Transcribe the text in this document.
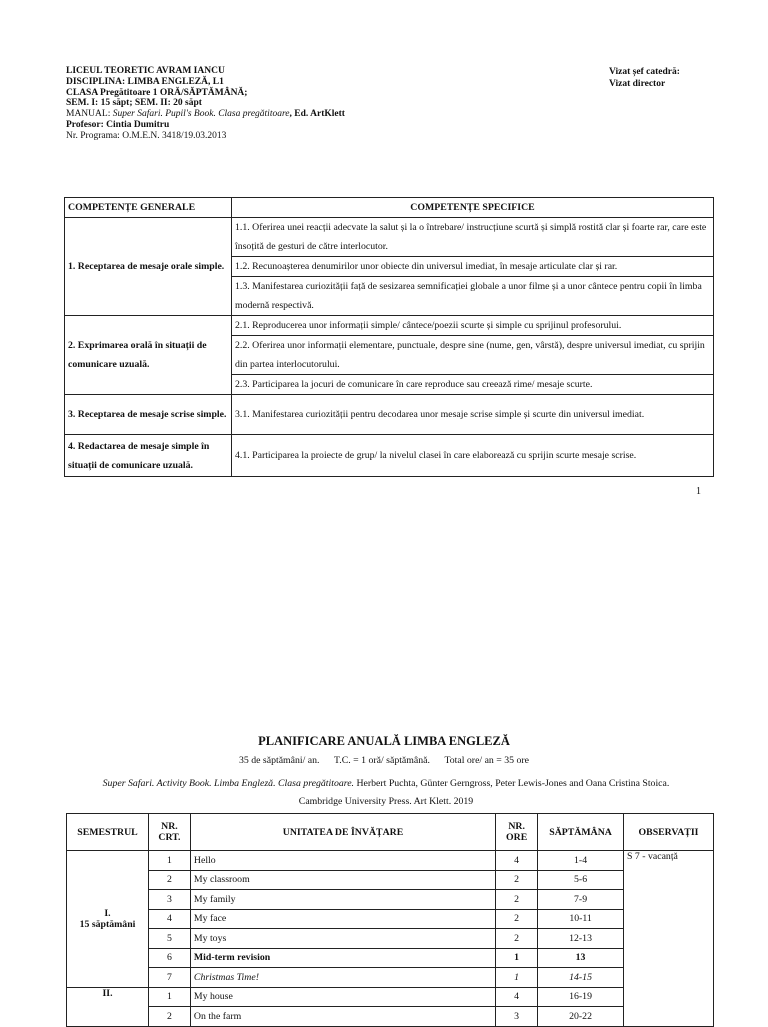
LICEUL TEORETIC AVRAM IANCU
DISCIPLINA: LIMBA ENGLEZĂ, L1
CLASA Pregătitoare 1 ORĂ/SĂPTĂMÂNĂ;
SEM. I: 15 săpt; SEM. II: 20 săpt
MANUAL: Super Safari. Pupil's Book. Clasa pregătitoare, Ed. ArtKlett
Profesor: Cintia Dumitru
Nr. Programa: O.M.E.N. 3418/19.03.2013
Vizat șef catedră:
Vizat director
COMPETENȚE GENERALE	COMPETENȚE SPECIFICE
1. Receptarea de mesaje orale simple.	1.1. Oferirea unei reacții adecvate la salut și la o întrebare/ instrucțiune scurtă și simplă rostită clar și foarte rar, care este însoțită de gesturi de către interlocutor.
	1.2. Recunoașterea denumirilor unor obiecte din universul imediat, în mesaje articulate clar și rar.
	1.3. Manifestarea curiozității față de sesizarea semnificației globale a unor filme și a unor cântece pentru copii în limba modernă respectivă.
2. Exprimarea orală în situații de comunicare uzuală.	2.1. Reproducerea unor informații simple/ cântece/poezii scurte și simple cu sprijinul profesorului.
	2.2. Oferirea unor informații elementare, punctuale, despre sine (nume, gen, vârstă), despre universul imediat, cu sprijin din partea interlocutorului.
	2.3. Participarea la jocuri de comunicare în care reproduce sau creează rime/ mesaje scurte.
3. Receptarea de mesaje scrise simple.	3.1. Manifestarea curiozității pentru decodarea unor mesaje scrise simple și scurte din universul imediat.
4. Redactarea de mesaje simple în situații de comunicare uzuală.	4.1. Participarea la proiecte de grup/ la nivelul clasei în care elaborează cu sprijin scurte mesaje scrise.
1
PLANIFICARE ANUALĂ LIMBA ENGLEZĂ
35 de săptămâni/ an.      T.C. = 1 oră/ săptămână.      Total ore/ an = 35 ore
Super Safari. Activity Book. Limba Engleză. Clasa pregătitoare. Herbert Puchta, Günter Gerngross, Peter Lewis-Jones and Oana Cristina Stoica.
Cambridge University Press. Art Klett. 2019
SEMESTRUL	NR. CRT.	UNITATEA DE ÎNVĂȚARE	NR. ORE	SĂPTĂMÂNA	OBSERVAȚII

I.
15 săptămâni	1	Hello	4	1-4	S 7 - vacanță
	2	My classroom	2	5-6	
	3	My family	2	7-9	
	4	My face	2	10-11	
	5	My toys	2	12-13	
	6	Mid-term revision	1	13	
	7	Christmas Time!	1	14-15	

II.	1	My house	4	16-19	
	2	On the farm	3	20-22	
